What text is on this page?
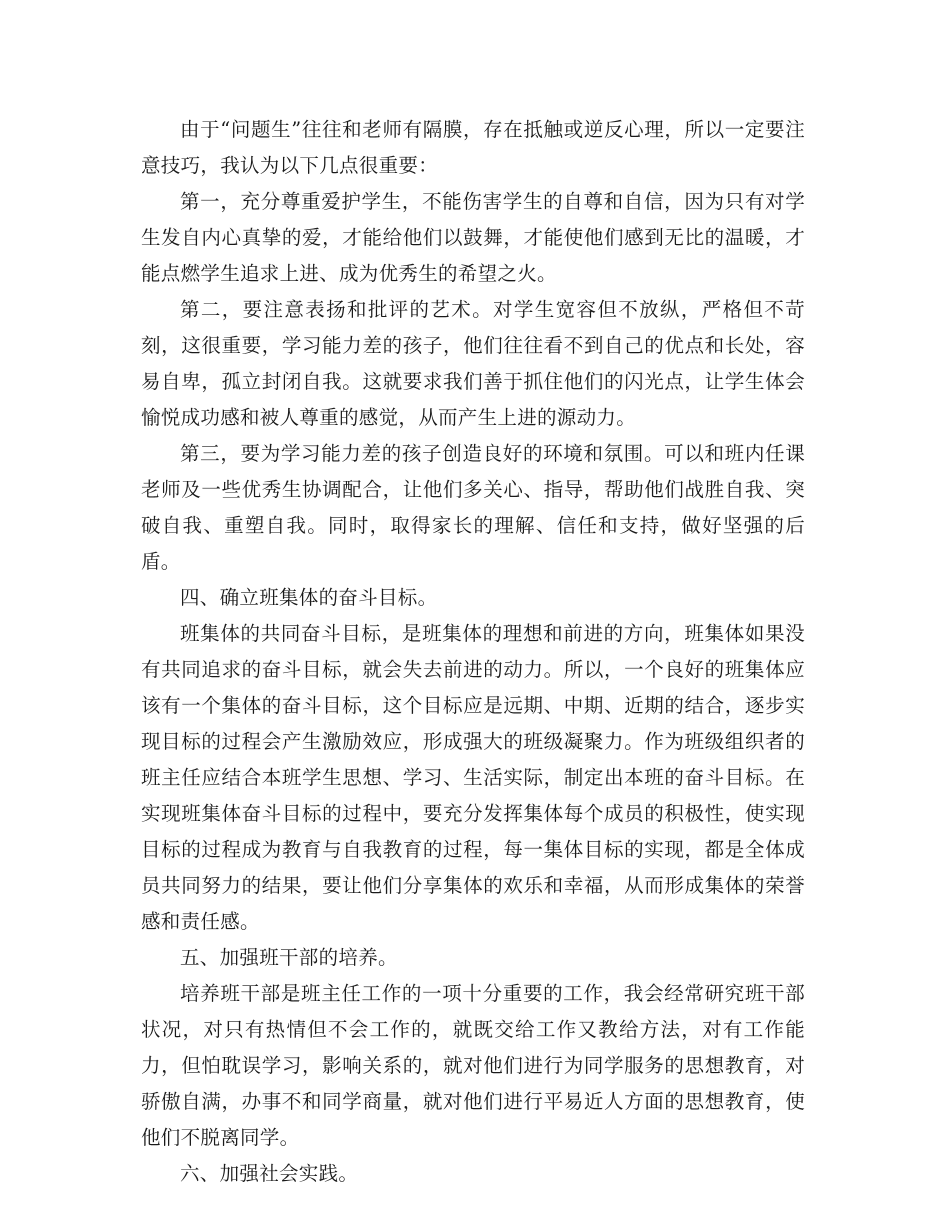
由于“问题生”往往和老师有隔膜，存在抵触或逆反心理，所以一定要注意技巧，我认为以下几点很重要：

第一，充分尊重爱护学生，不能伤害学生的自尊和自信，因为只有对学生发自内心真挚的爱，才能给他们以鼓舞，才能使他们感到无比的温暖，才能点燃学生追求上进、成为优秀生的希望之火。

第二，要注意表扬和批评的艺术。对学生宽容但不放纵，严格但不苛刻，这很重要，学习能力差的孩子，他们往往看不到自己的优点和长处，容易自卑，孤立封闭自我。这就要求我们善于抓住他们的闪光点，让学生体会愉悦成功感和被人尊重的感觉，从而产生上进的源动力。

第三，要为学习能力差的孩子创造良好的环境和氛围。可以和班内任课老师及一些优秀生协调配合，让他们多关心、指导，帮助他们战胜自我、突破自我、重塑自我。同时，取得家长的理解、信任和支持，做好坚强的后盾。

四、确立班集体的奋斗目标。

班集体的共同奋斗目标，是班集体的理想和前进的方向，班集体如果没有共同追求的奋斗目标，就会失去前进的动力。所以，一个良好的班集体应该有一个集体的奋斗目标，这个目标应是远期、中期、近期的结合，逐步实现目标的过程会产生激励效应，形成强大的班级凝聚力。作为班级组织者的班主任应结合本班学生思想、学习、生活实际，制定出本班的奋斗目标。在实现班集体奋斗目标的过程中，要充分发挥集体每个成员的积极性，使实现目标的过程成为教育与自我教育的过程，每一集体目标的实现，都是全体成员共同努力的结果，要让他们分享集体的欢乐和幸福，从而形成集体的荣誉感和责任感。

五、加强班干部的培养。

培养班干部是班主任工作的一项十分重要的工作，我会经常研究班干部状况，对只有热情但不会工作的，就既交给工作又教给方法，对有工作能力，但怕耽误学习，影响关系的，就对他们进行为同学服务的思想教育，对骄傲自满，办事不和同学商量，就对他们进行平易近人方面的思想教育，使他们不脱离同学。

六、加强社会实践。
